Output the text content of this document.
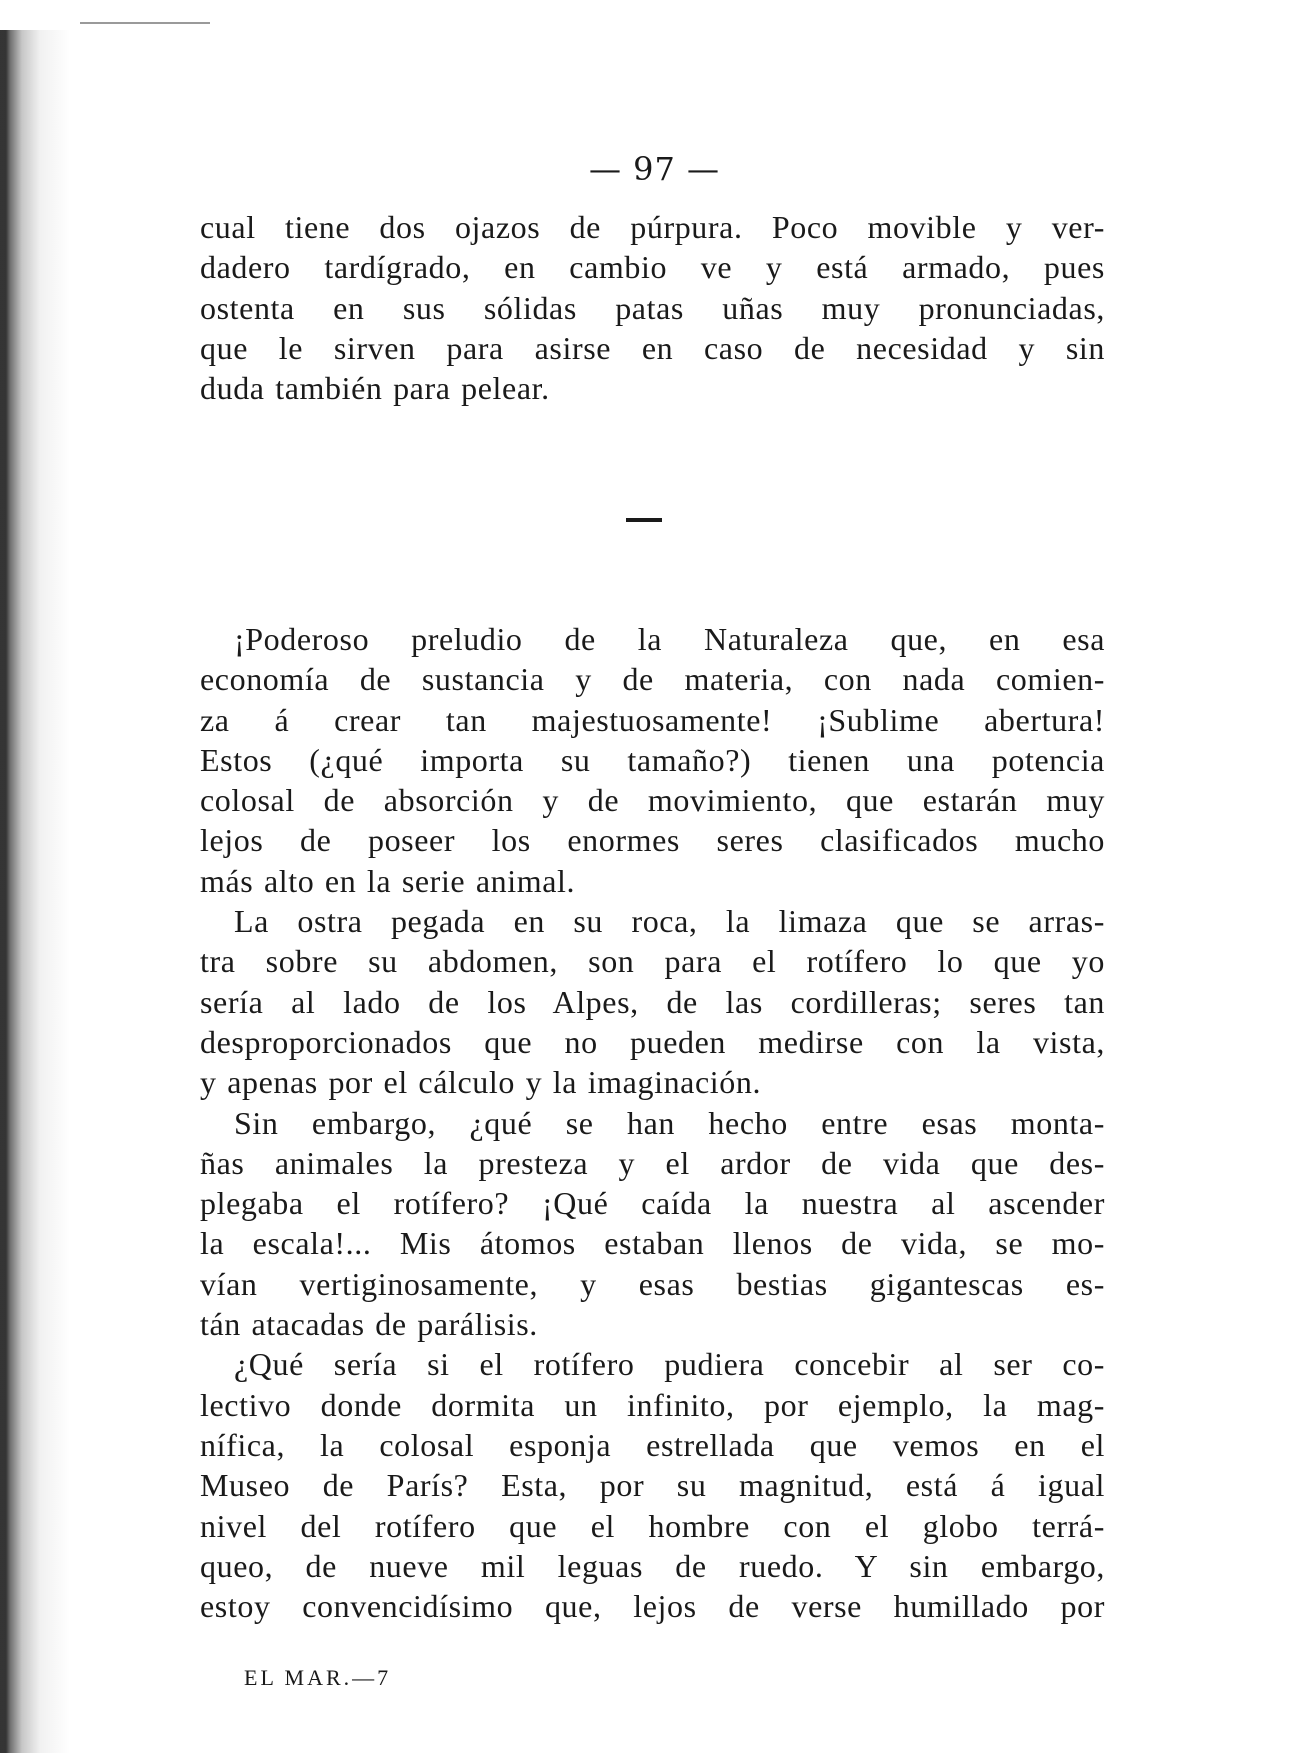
— 97 —
cual tiene dos ojazos de púrpura. Poco movible y ver-
dadero tardígrado, en cambio ve y está armado, pues
ostenta en sus sólidas patas uñas muy pronunciadas,
que le sirven para asirse en caso de necesidad y sin
duda también para pelear.
¡Poderoso preludio de la Naturaleza que, en esa
economía de sustancia y de materia, con nada comien-
za á crear tan majestuosamente! ¡Sublime abertura!
Estos (¿qué importa su tamaño?) tienen una potencia
colosal de absorción y de movimiento, que estarán muy
lejos de poseer los enormes seres clasificados mucho
más alto en la serie animal.
La ostra pegada en su roca, la limaza que se arras-
tra sobre su abdomen, son para el rotífero lo que yo
sería al lado de los Alpes, de las cordilleras; seres tan
desproporcionados que no pueden medirse con la vista,
y apenas por el cálculo y la imaginación.
Sin embargo, ¿qué se han hecho entre esas monta-
ñas animales la presteza y el ardor de vida que des-
plegaba el rotífero? ¡Qué caída la nuestra al ascender
la escala!... Mis átomos estaban llenos de vida, se mo-
vían vertiginosamente, y esas bestias gigantescas es-
tán atacadas de parálisis.
¿Qué sería si el rotífero pudiera concebir al ser co-
lectivo donde dormita un infinito, por ejemplo, la mag-
nífica, la colosal esponja estrellada que vemos en el
Museo de París? Esta, por su magnitud, está á igual
nivel del rotífero que el hombre con el globo terrá-
queo, de nueve mil leguas de ruedo. Y sin embargo,
estoy convencidísimo que, lejos de verse humillado por
EL MAR.—7
